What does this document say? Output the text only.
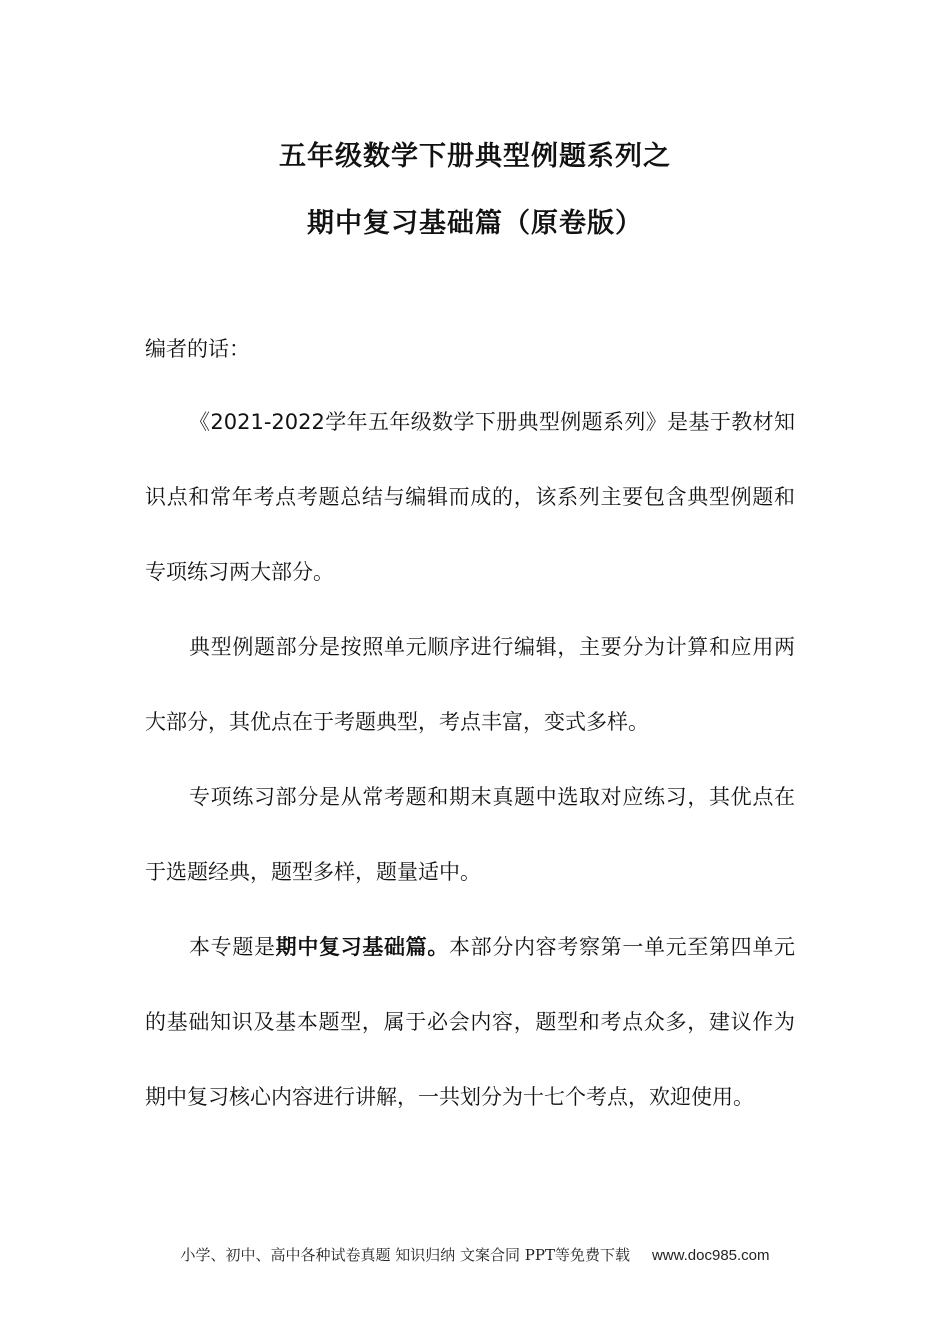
五年级数学下册典型例题系列之
期中复习基础篇（原卷版）

编者的话：

《2021-2022学年五年级数学下册典型例题系列》是基于教材知识点和常年考点考题总结与编辑而成的，该系列主要包含典型例题和专项练习两大部分。

典型例题部分是按照单元顺序进行编辑，主要分为计算和应用两大部分，其优点在于考题典型，考点丰富，变式多样。

专项练习部分是从常考题和期末真题中选取对应练习，其优点在于选题经典，题型多样，题量适中。

本专题是期中复习基础篇。本部分内容考察第一单元至第四单元的基础知识及基本题型，属于必会内容，题型和考点众多，建议作为期中复习核心内容进行讲解，一共划分为十七个考点，欢迎使用。

小学、初中、高中各种试卷真题 知识归纳 文案合同 PPT等免费下载 www.doc985.com
